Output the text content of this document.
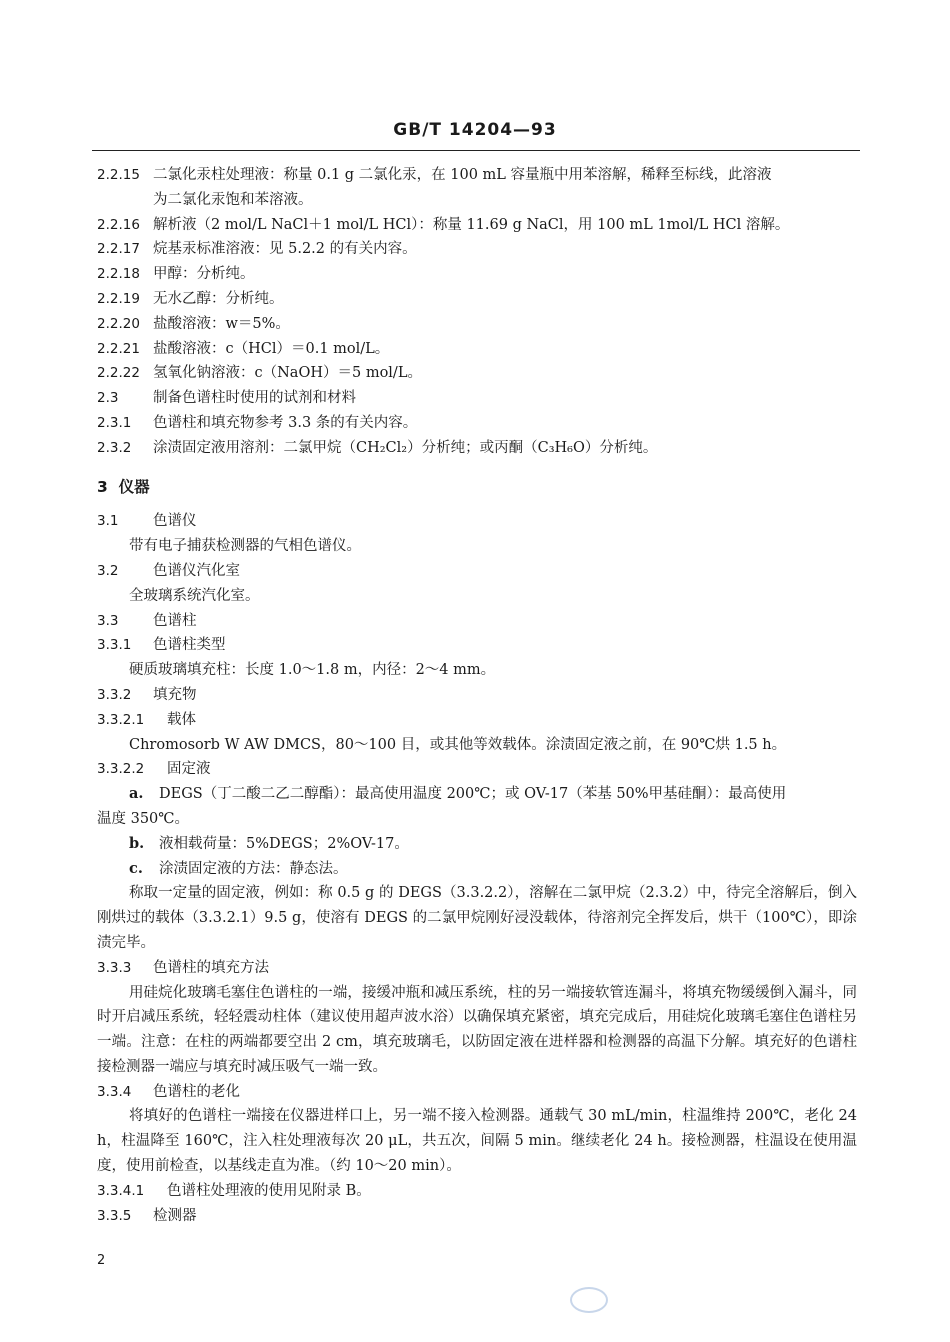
GB/T 14204—93
2.2.15 二氯化汞柱处理液：称量 0.1 g 二氯化汞，在 100 mL 容量瓶中用苯溶解，稀释至标线，此溶液
为二氯化汞饱和苯溶液。
2.2.16 解析液（2 mol/L NaCl＋1 mol/L HCl）：称量 11.69 g NaCl，用 100 mL 1mol/L HCl 溶解。
2.2.17 烷基汞标准溶液：见 5.2.2 的有关内容。
2.2.18 甲醇：分析纯。
2.2.19 无水乙醇：分析纯。
2.2.20 盐酸溶液：w＝5%。
2.2.21 盐酸溶液：c（HCl）＝0.1 mol/L。
2.2.22 氢氧化钠溶液：c（NaOH）＝5 mol/L。
2.3 制备色谱柱时使用的试剂和材料
2.3.1 色谱柱和填充物参考 3.3 条的有关内容。
2.3.2 涂渍固定液用溶剂：二氯甲烷（CH₂Cl₂）分析纯；或丙酮（C₃H₆O）分析纯。
3 仪器
3.1 色谱仪
带有电子捕获检测器的气相色谱仪。
3.2 色谱仪汽化室
全玻璃系统汽化室。
3.3 色谱柱
3.3.1 色谱柱类型
硬质玻璃填充柱：长度 1.0～1.8 m，内径：2～4 mm。
3.3.2 填充物
3.3.2.1 载体
Chromosorb W AW DMCS，80～100 目，或其他等效载体。涂渍固定液之前，在 90℃烘 1.5 h。
3.3.2.2 固定液
a. DEGS（丁二酸二乙二醇酯）：最高使用温度 200℃；或 OV-17（苯基 50%甲基硅酮）：最高使用
温度 350℃。
b. 液相载荷量：5%DEGS；2%OV-17。
c. 涂渍固定液的方法：静态法。
称取一定量的固定液，例如：称 0.5 g 的 DEGS（3.3.2.2），溶解在二氯甲烷（2.3.2）中，待完全溶解后，倒入刚烘过的载体（3.3.2.1）9.5 g，使溶有 DEGS 的二氯甲烷刚好浸没载体，待溶剂完全挥发后，烘干（100℃），即涂渍完毕。
3.3.3 色谱柱的填充方法
用硅烷化玻璃毛塞住色谱柱的一端，接缓冲瓶和减压系统，柱的另一端接软管连漏斗，将填充物缓缓倒入漏斗，同时开启减压系统，轻轻震动柱体（建议使用超声波水浴）以确保填充紧密，填充完成后，用硅烷化玻璃毛塞住色谱柱另一端。注意：在柱的两端都要空出 2 cm，填充玻璃毛，以防固定液在进样器和检测器的高温下分解。填充好的色谱柱接检测器一端应与填充时减压吸气一端一致。
3.3.4 色谱柱的老化
将填好的色谱柱一端接在仪器进样口上，另一端不接入检测器。通载气 30 mL/min，柱温维持 200℃，老化 24 h，柱温降至 160℃，注入柱处理液每次 20 μL，共五次，间隔 5 min。继续老化 24 h。接检测器，柱温设在使用温度，使用前检查，以基线走直为准。（约 10～20 min）。
3.3.4.1 色谱柱处理液的使用见附录 B。
3.3.5 检测器
2
